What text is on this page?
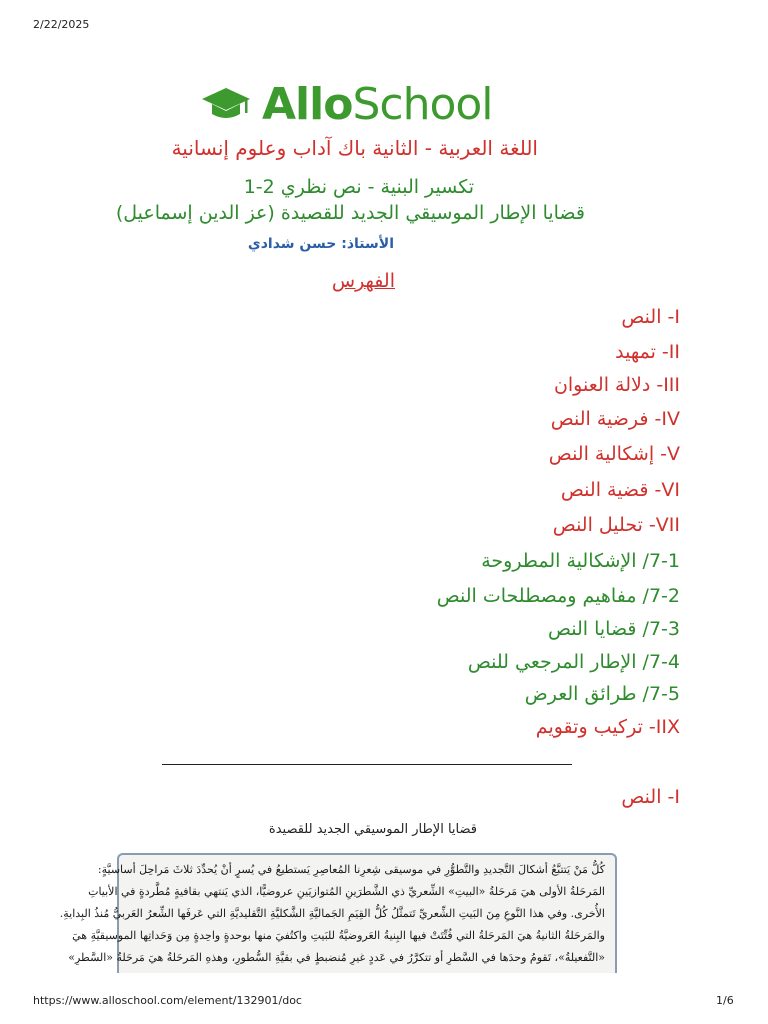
2/22/2025
AlloSchool
اللغة العربية - الثانية باك آداب وعلوم إنسانية
تكسير البنية - نص نظري 2-1
قضايا الإطار الموسيقي الجديد للقصيدة (عز الدين إسماعيل)
الأستاذ: حسن شدادي
الفهرس
I- النص
II- تمهيد
III- دلالة العنوان
IV- فرضية النص
V- إشكالية النص
VI- قضية النص
VII- تحليل النص
7-1/ الإشكالية المطروحة
7-2/ مفاهيم ومصطلحات النص
7-3/ قضايا النص
7-4/ الإطار المرجعي للنص
7-5/ طرائق العرض
IIX- تركيب وتقويم
I- النص
قضايا الإطار الموسيقي الجديد للقصيدة
كُلُّ مَنْ يَتتبَّعُ أشكالَ التَّجديدِ والتَّطوُّرِ في موسيقى شِعرِنا المُعاصِرِ يَستطيعُ في يُسرٍ أنْ يُحدِّدَ ثلاثَ مَراحِلَ أساسيَّةٍ:
المَرحَلةُ الأولى هيَ مَرحَلةُ «البيتِ» الشِّعريِّ ذي الشَّطرَينِ المُتوازيَينِ عروضيًّا، الذي يَنتهي بقافيةٍ مُطَّردةٍ في الأبياتِ
الأُخرى. وفي هذا النَّوعِ مِنَ البَيتِ الشِّعريِّ تَتمثَّلُ كُلُّ القِيَمِ الجَماليَّةِ الشَّكليَّةِ التَّقليديَّةِ التي عَرفَها الشِّعرُ العَربيُّ مُنذُ البِدايةِ.
والمَرحَلةُ الثانيةُ هيَ المَرحَلةُ التي فُتِّتَتْ فيها البِنيةُ العَروضيَّةُ للبَيتِ واكتُفيَ منها بوحدةٍ واحِدةٍ مِن وَحَداتِها الموسيقيَّةِ هيَ
«التَّفعيلةُ»، تَقومُ وحدَها في السَّطرِ أو تتكرَّرُ في عَددٍ غيرِ مُنضبطٍ في بقيَّةِ السُّطورِ، وهذهِ المَرحَلةُ هيَ مَرحَلةُ «السَّطرِ»
https://www.alloschool.com/element/132901/doc	1/6
